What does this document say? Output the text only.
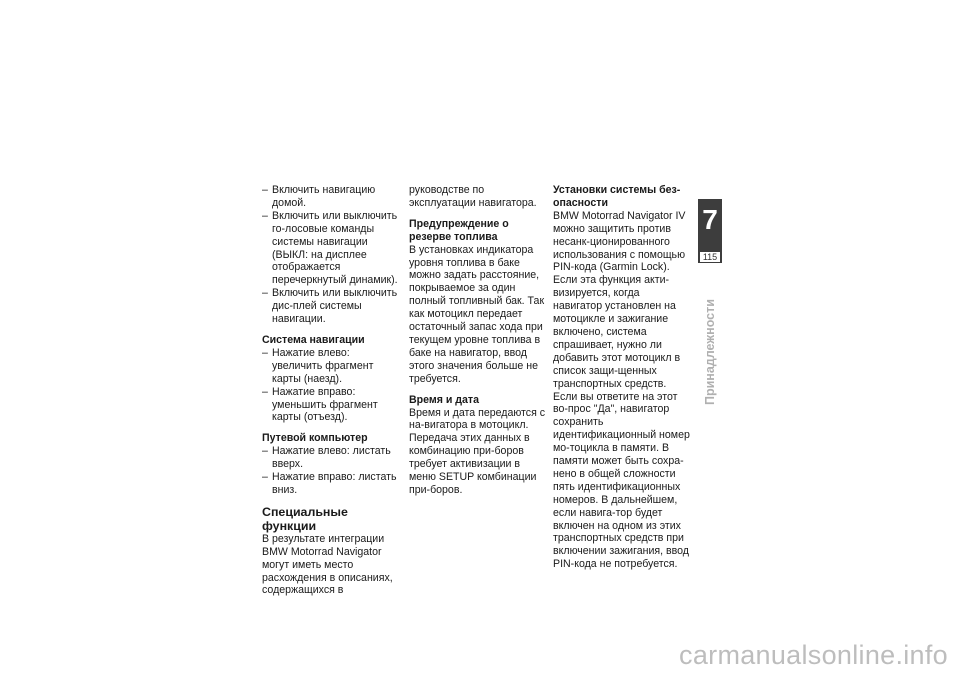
– Включить навигацию домой.

– Включить или выключить го-лосовые команды системы навигации (ВЫКЛ: на дисплее отображается перечеркнутый динамик).

– Включить или выключить дис-плей системы навигации.

Система навигации

– Нажатие влево: увеличить фрагмент карты (наезд).

– Нажатие вправо: уменьшить фрагмент карты (отъезд).

Путевой компьютер

– Нажатие влево: листать вверх.

– Нажатие вправо: листать вниз.

Специальные функции

В результате интеграции BMW Motorrad Navigator могут иметь место расхождения в описаниях, содержащихся в

руководстве по эксплуатации навигатора.

Предупреждение о резерве топлива

В установках индикатора уровня топлива в баке можно задать расстояние, покрываемое за один полный топливный бак. Так как мотоцикл передает остаточный запас хода при текущем уровне топлива в баке на навигатор, ввод этого значения больше не требуется.

Время и дата

Время и дата передаются с на-вигатора в мотоцикл. Передача этих данных в комбинацию при-боров требует активизации в меню SETUP комбинации при-боров.

Установки системы без-опасности

BMW Motorrad Navigator IV можно защитить против несанк-ционированного использования с помощью PIN-кода (Garmin Lock). Если эта функция акти-визируется, когда навигатор установлен на мотоцикле и зажигание включено, система спрашивает, нужно ли добавить этот мотоцикл в список защи-щенных транспортных средств. Если вы ответите на этот во-прос "Да", навигатор сохранить идентификационный номер мо-тоцикла в памяти. В памяти может быть сохра-нено в общей сложности пять идентификационных номеров. В дальнейшем, если навига-тор будет включен на одном из этих транспортных средств при включении зажигания, ввод PIN-кода не потребуется.

7
115
Принадлежности
carmanualsonline.info
